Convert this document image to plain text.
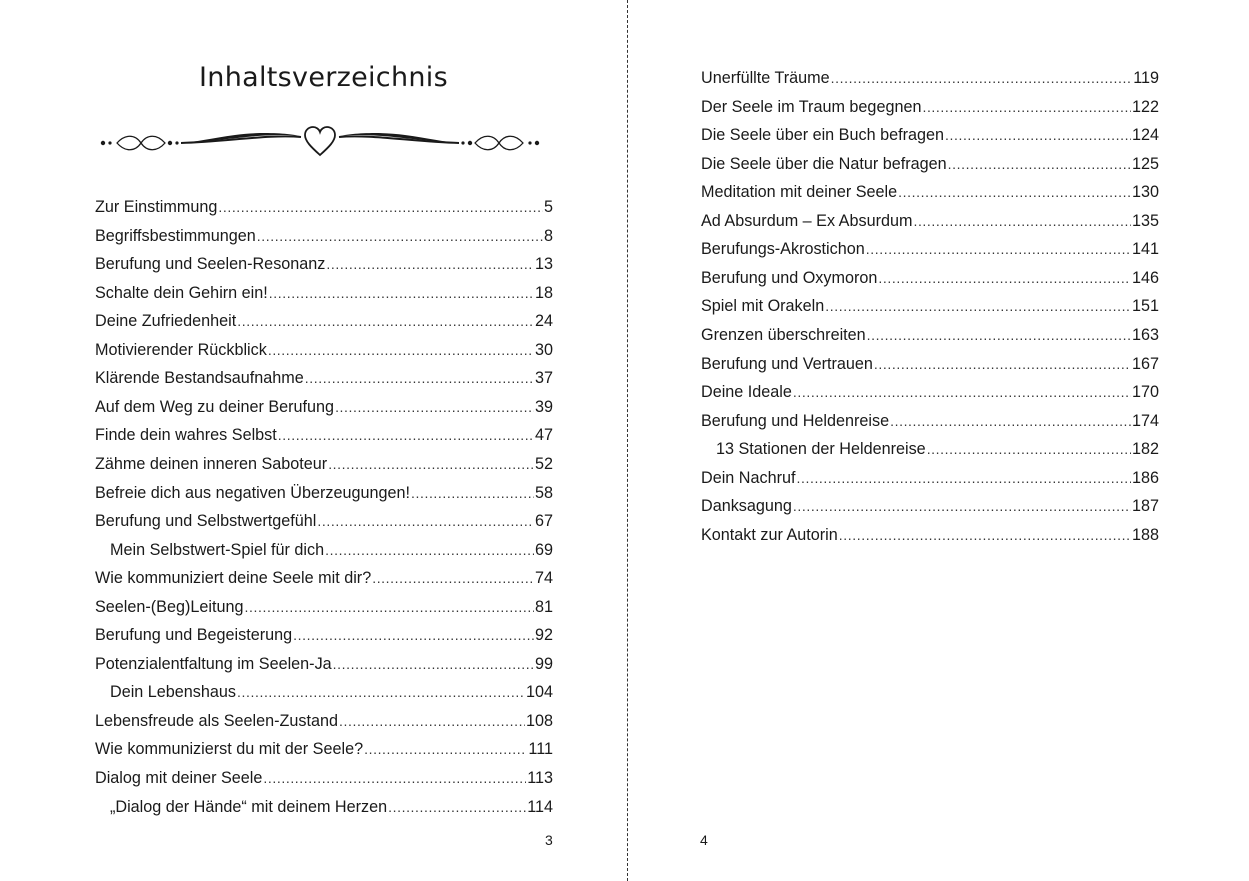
Inhaltsverzeichnis
Zur Einstimmung .....	5
Begriffsbestimmungen .....	8
Berufung und Seelen-Resonanz .....	13
Schalte dein Gehirn ein! .....	18
Deine Zufriedenheit .....	24
Motivierender Rückblick .....	30
Klärende Bestandsaufnahme .....	37
Auf dem Weg zu deiner Berufung .....	39
Finde dein wahres Selbst .....	47
Zähme deinen inneren Saboteur .....	52
Befreie dich aus negativen Überzeugungen! .....	58
Berufung und Selbstwertgefühl .....	67
Mein Selbstwert-Spiel für dich .....	69
Wie kommuniziert deine Seele mit dir? .....	74
Seelen-(Beg)Leitung .....	81
Berufung und Begeisterung .....	92
Potenzialentfaltung im Seelen-Ja .....	99
Dein Lebenshaus .....	104
Lebensfreude als Seelen-Zustand .....	108
Wie kommunizierst du mit der Seele? .....	111
Dialog mit deiner Seele .....	113
„Dialog der Hände“ mit deinem Herzen .....	114
3
Unerfüllte Träume .....	119
Der Seele im Traum begegnen .....	122
Die Seele über ein Buch befragen .....	124
Die Seele über die Natur befragen .....	125
Meditation mit deiner Seele .....	130
Ad Absurdum – Ex Absurdum .....	135
Berufungs-Akrostichon .....	141
Berufung und Oxymoron .....	146
Spiel mit Orakeln .....	151
Grenzen überschreiten .....	163
Berufung und Vertrauen .....	167
Deine Ideale .....	170
Berufung und Heldenreise .....	174
13 Stationen der Heldenreise .....	182
Dein Nachruf .....	186
Danksagung .....	187
Kontakt zur Autorin .....	188
4
